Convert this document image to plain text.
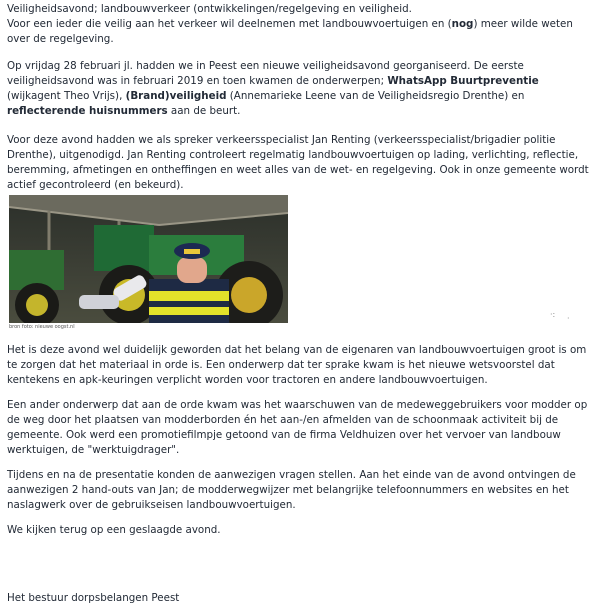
Veiligheidsavond; landbouwverkeer (ontwikkelingen/regelgeving en veiligheid.

Voor een ieder die veilig aan het verkeer wil deelnemen met landbouwvoertuigen en (nog) meer wilde weten over de regelgeving.

Op vrijdag 28 februari jl. hadden we in Peest een nieuwe veiligheidsavond georganiseerd. De eerste veiligheidsavond was in februari 2019 en toen kwamen de onderwerpen; WhatsApp Buurtpreventie (wijkagent Theo Vrijs), (Brand)veiligheid (Annemarieke Leene van de Veiligheidsregio Drenthe) en reflecterende huisnummers aan de beurt.

Voor deze avond hadden we als spreker verkeersspecialist Jan Renting (verkeersspecialist/brigadier politie Drenthe), uitgenodigd. Jan Renting controleert regelmatig landbouwvoertuigen op lading, verlichting, reflectie, beremming, afmetingen en ontheffingen en weet alles van de wet- en regelgeving. Ook in onze gemeente wordt actief gecontroleerd (en bekeurd).

bron foto: nieuwe oogst.nl
·: ·

Het is deze avond wel duidelijk geworden dat het belang van de eigenaren van landbouwvoertuigen groot is om te zorgen dat het materiaal in orde is. Een onderwerp dat ter sprake kwam is het nieuwe wetsvoorstel dat kentekens en apk-keuringen verplicht worden voor tractoren en andere landbouwvoertuigen.

Een ander onderwerp dat aan de orde kwam was het waarschuwen van de medeweggebruikers voor modder op de weg door het plaatsen van modderborden én het aan-/en afmelden van de schoonmaak activiteit bij de gemeente. Ook werd een promotiefilmpje getoond van de firma Veldhuizen over het vervoer van landbouw werktuigen, de "werktuigdrager".

Tijdens en na de presentatie konden de aanwezigen vragen stellen. Aan het einde van de avond ontvingen de aanwezigen 2 hand-outs van Jan; de modderwegwijzer met belangrijke telefoonnummers en websites en het naslagwerk over de gebruikseisen landbouwvoertuigen.

We kijken terug op een geslaagde avond.

Het bestuur dorpsbelangen Peest
